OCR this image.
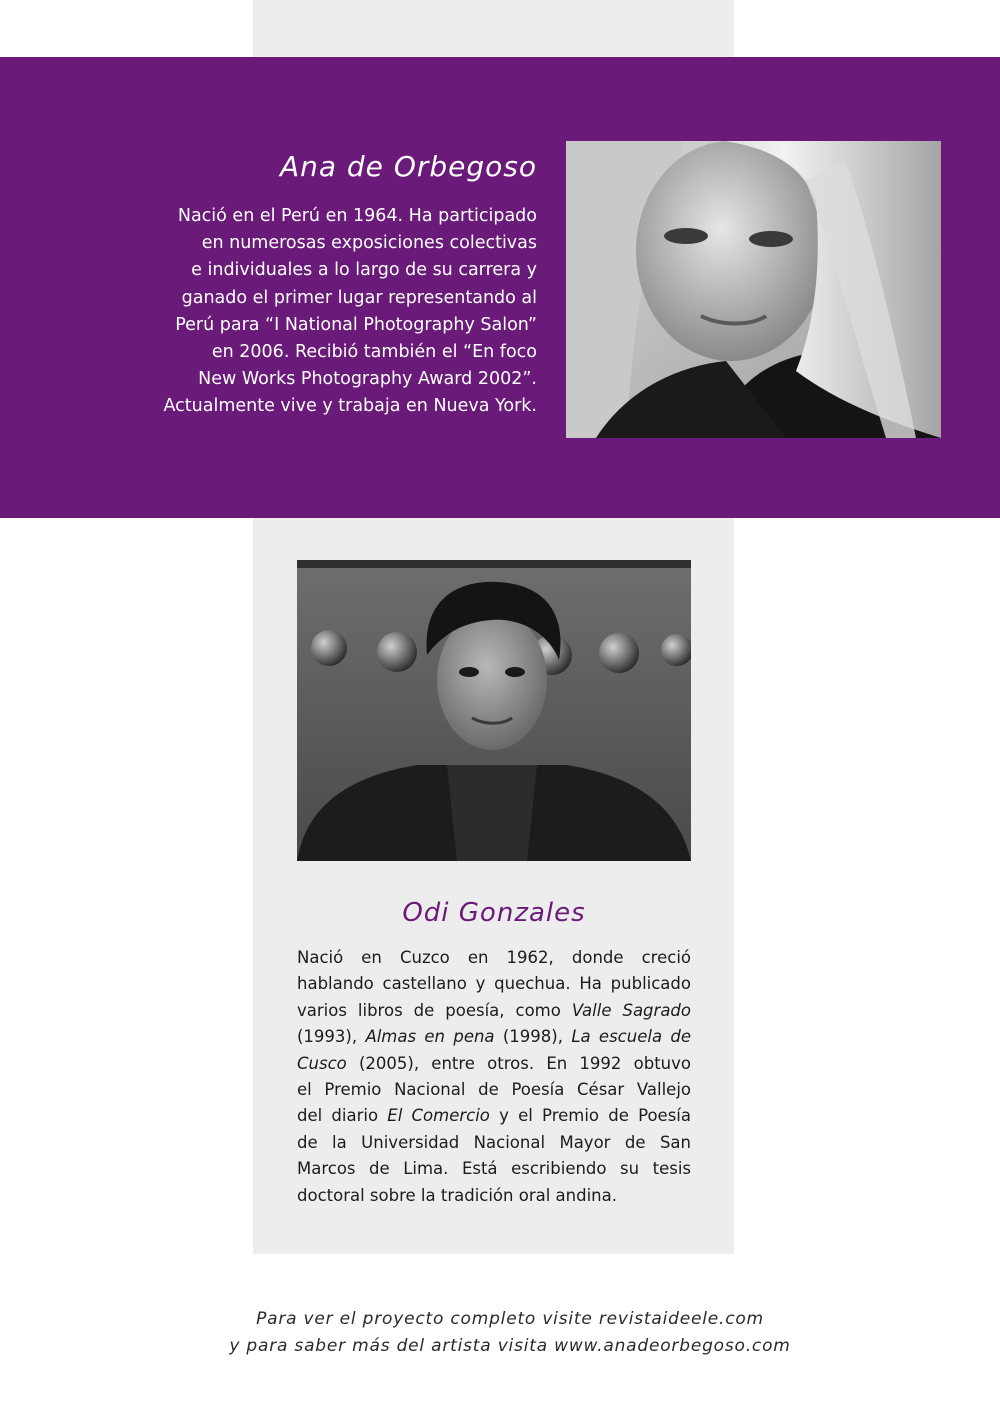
Ana de Orbegoso

Nació en el Perú en 1964. Ha participado
en numerosas exposiciones colectivas
e individuales a lo largo de su carrera y
ganado el primer lugar representando al
Perú para “I National Photography Salon”
en 2006. Recibió también el “En foco
New Works Photography Award 2002”.
Actualmente vive y trabaja en Nueva York.

Odi Gonzales

Nació en Cuzco en 1962, donde creció
hablando castellano y quechua. Ha publicado
varios libros de poesía, como Valle Sagrado
(1993), Almas en pena (1998), La escuela de
Cusco (2005), entre otros. En 1992 obtuvo
el Premio Nacional de Poesía César Vallejo
del diario El Comercio y el Premio de Poesía
de la Universidad Nacional Mayor de San
Marcos de Lima. Está escribiendo su tesis
doctoral sobre la tradición oral andina.

Para ver el proyecto completo visite revistaideele.com
y para saber más del artista visita www.anadeorbegoso.com
